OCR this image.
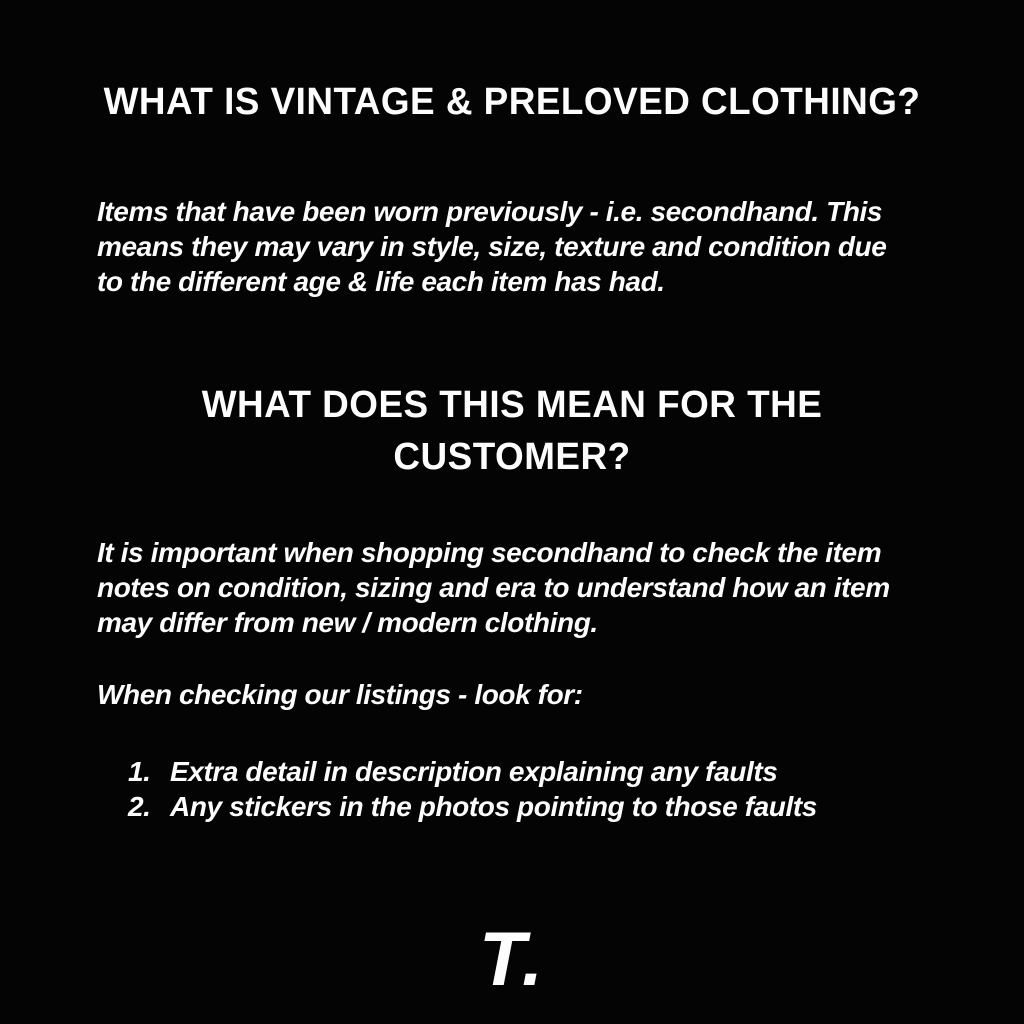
WHAT IS VINTAGE & PRELOVED CLOTHING?
Items that have been worn previously - i.e. secondhand. This
means they may vary in style, size, texture and condition due
to the different age & life each item has had.
WHAT DOES THIS MEAN FOR THE
CUSTOMER?
It is important when shopping secondhand to check the item
notes on condition, sizing and era to understand how an item
may differ from new / modern clothing.
When checking our listings - look for:
1. Extra detail in description explaining any faults
2. Any stickers in the photos pointing to those faults
T.
